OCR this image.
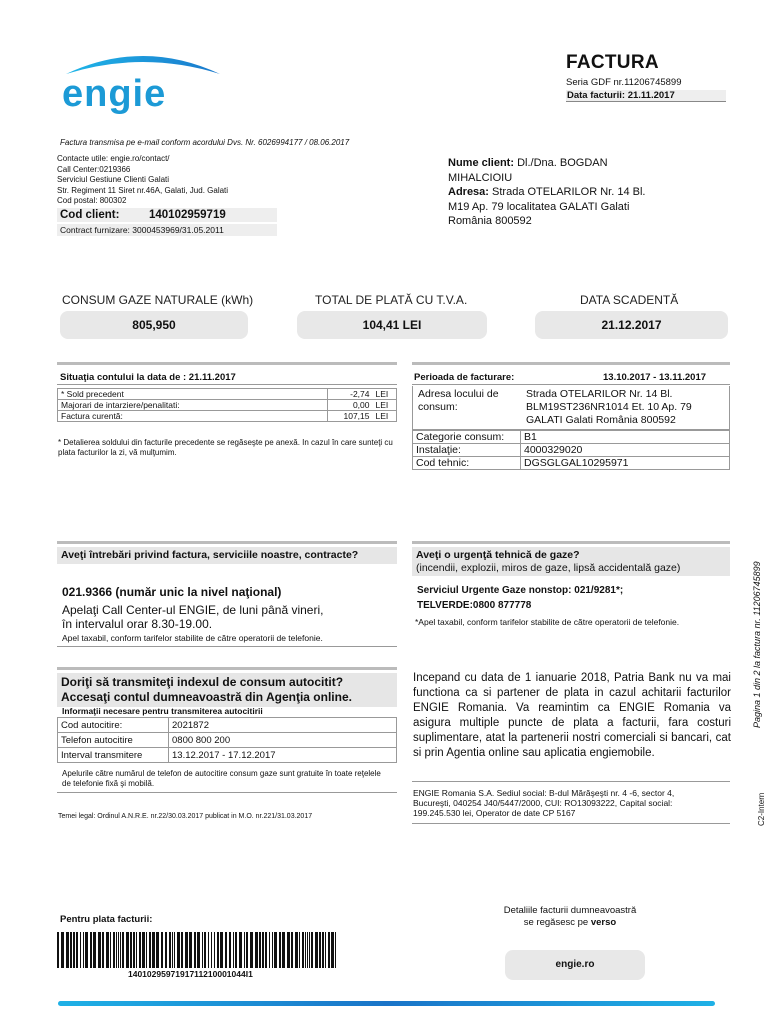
engie
FACTURA
Seria GDF nr.11206745899
Data facturii: 21.11.2017
Factura transmisa pe e-mail conform acordului Dvs. Nr. 6026994177 / 08.06.2017
Contacte utile: engie.ro/contact/
Call Center:0219366
Serviciul Gestiune Clienti Galati
Str. Regiment 11 Siret nr.46A, Galati, Jud. Galati
Cod postal: 800302
Cod client:	140102959719
Contract furnizare: 3000453969/31.05.2011
Nume client: Dl./Dna. BOGDAN
MIHALCIOIU
Adresa: Strada OTELARILOR Nr. 14 Bl.
M19 Ap. 79 localitatea GALATI Galati
România 800592
CONSUM GAZE NATURALE (kWh)
805,950
TOTAL DE PLATĂ CU T.V.A.
104,41 LEI
DATA SCADENTĂ
21.12.2017
Situaţia contului la data de : 21.11.2017
* Sold precedent	-2,74	LEI
Majorari de intarziere/penalitati:	0,00	LEI
Factura curentă:	107,15	LEI
* Detalierea soldului din facturile precedente se regăseşte pe anexă. In cazul în care sunteţi cu plata facturilor la zi, vă mulţumim.
Perioada de facturare:	13.10.2017 - 13.11.2017
Adresa locului de
consum:
Strada OTELARILOR Nr. 14 Bl.
BLM19ST236NR1014 Et. 10 Ap. 79
GALATI Galati România 800592
Categorie consum:	B1
Instalaţie:	4000329020
Cod tehnic:	DGSGLGAL10295971
Aveţi întrebări privind factura, serviciile noastre, contracte?
021.9366 (număr unic la nivel naţional)
Apelaţi Call Center-ul ENGIE, de luni până vineri,
în intervalul orar 8.30-19.00.
Apel taxabil, conform tarifelor stabilite de către operatorii de telefonie.
Aveţi o urgenţă tehnică de gaze?
(incendii, explozii, miros de gaze, lipsă accidentală gaze)
Serviciul Urgente Gaze nonstop: 021/9281*;
TELVERDE:0800 877778
*Apel taxabil, conform tarifelor stabilite de către operatorii de telefonie.
Doriţi să transmiteţi indexul de consum autocitit?
Accesaţi contul dumneavoastră din Agenţia online.
Informaţii necesare pentru transmiterea autocitirii
Cod autocitire:	2021872
Telefon autocitire	0800 800 200
Interval transmitere	13.12.2017 - 17.12.2017
Apelurile către numărul de telefon de autocitire consum gaze sunt gratuite în toate reţelele de telefonie fixă şi mobilă.
Temei legal: Ordinul A.N.R.E. nr.22/30.03.2017 publicat in M.O. nr.221/31.03.2017
Incepand cu data de 1 ianuarie 2018, Patria Bank nu va mai functiona ca si partener de plata in cazul achitarii facturilor ENGIE Romania. Va reamintim ca ENGIE Romania va asigura multiple puncte de plata a facturii, fara costuri suplimentare, atat la partenerii nostri comerciali si bancari, cat si prin Agentia online sau aplicatia engiemobile.
ENGIE Romania S.A. Sediul social: B-dul Mărăşeşti nr. 4 -6, sector 4, Bucureşti, 040254 J40/5447/2000, CUI: RO13093222, Capital social: 199.245.530 lei, Operator de date CP 5167
Pentru plata facturii:
1401029597191711210001044I1
Detaliile facturii dumneavoastră
se regăsesc pe verso
engie.ro
Pagina 1 din 2 la factura nr. 11206745899
C2-Intern
